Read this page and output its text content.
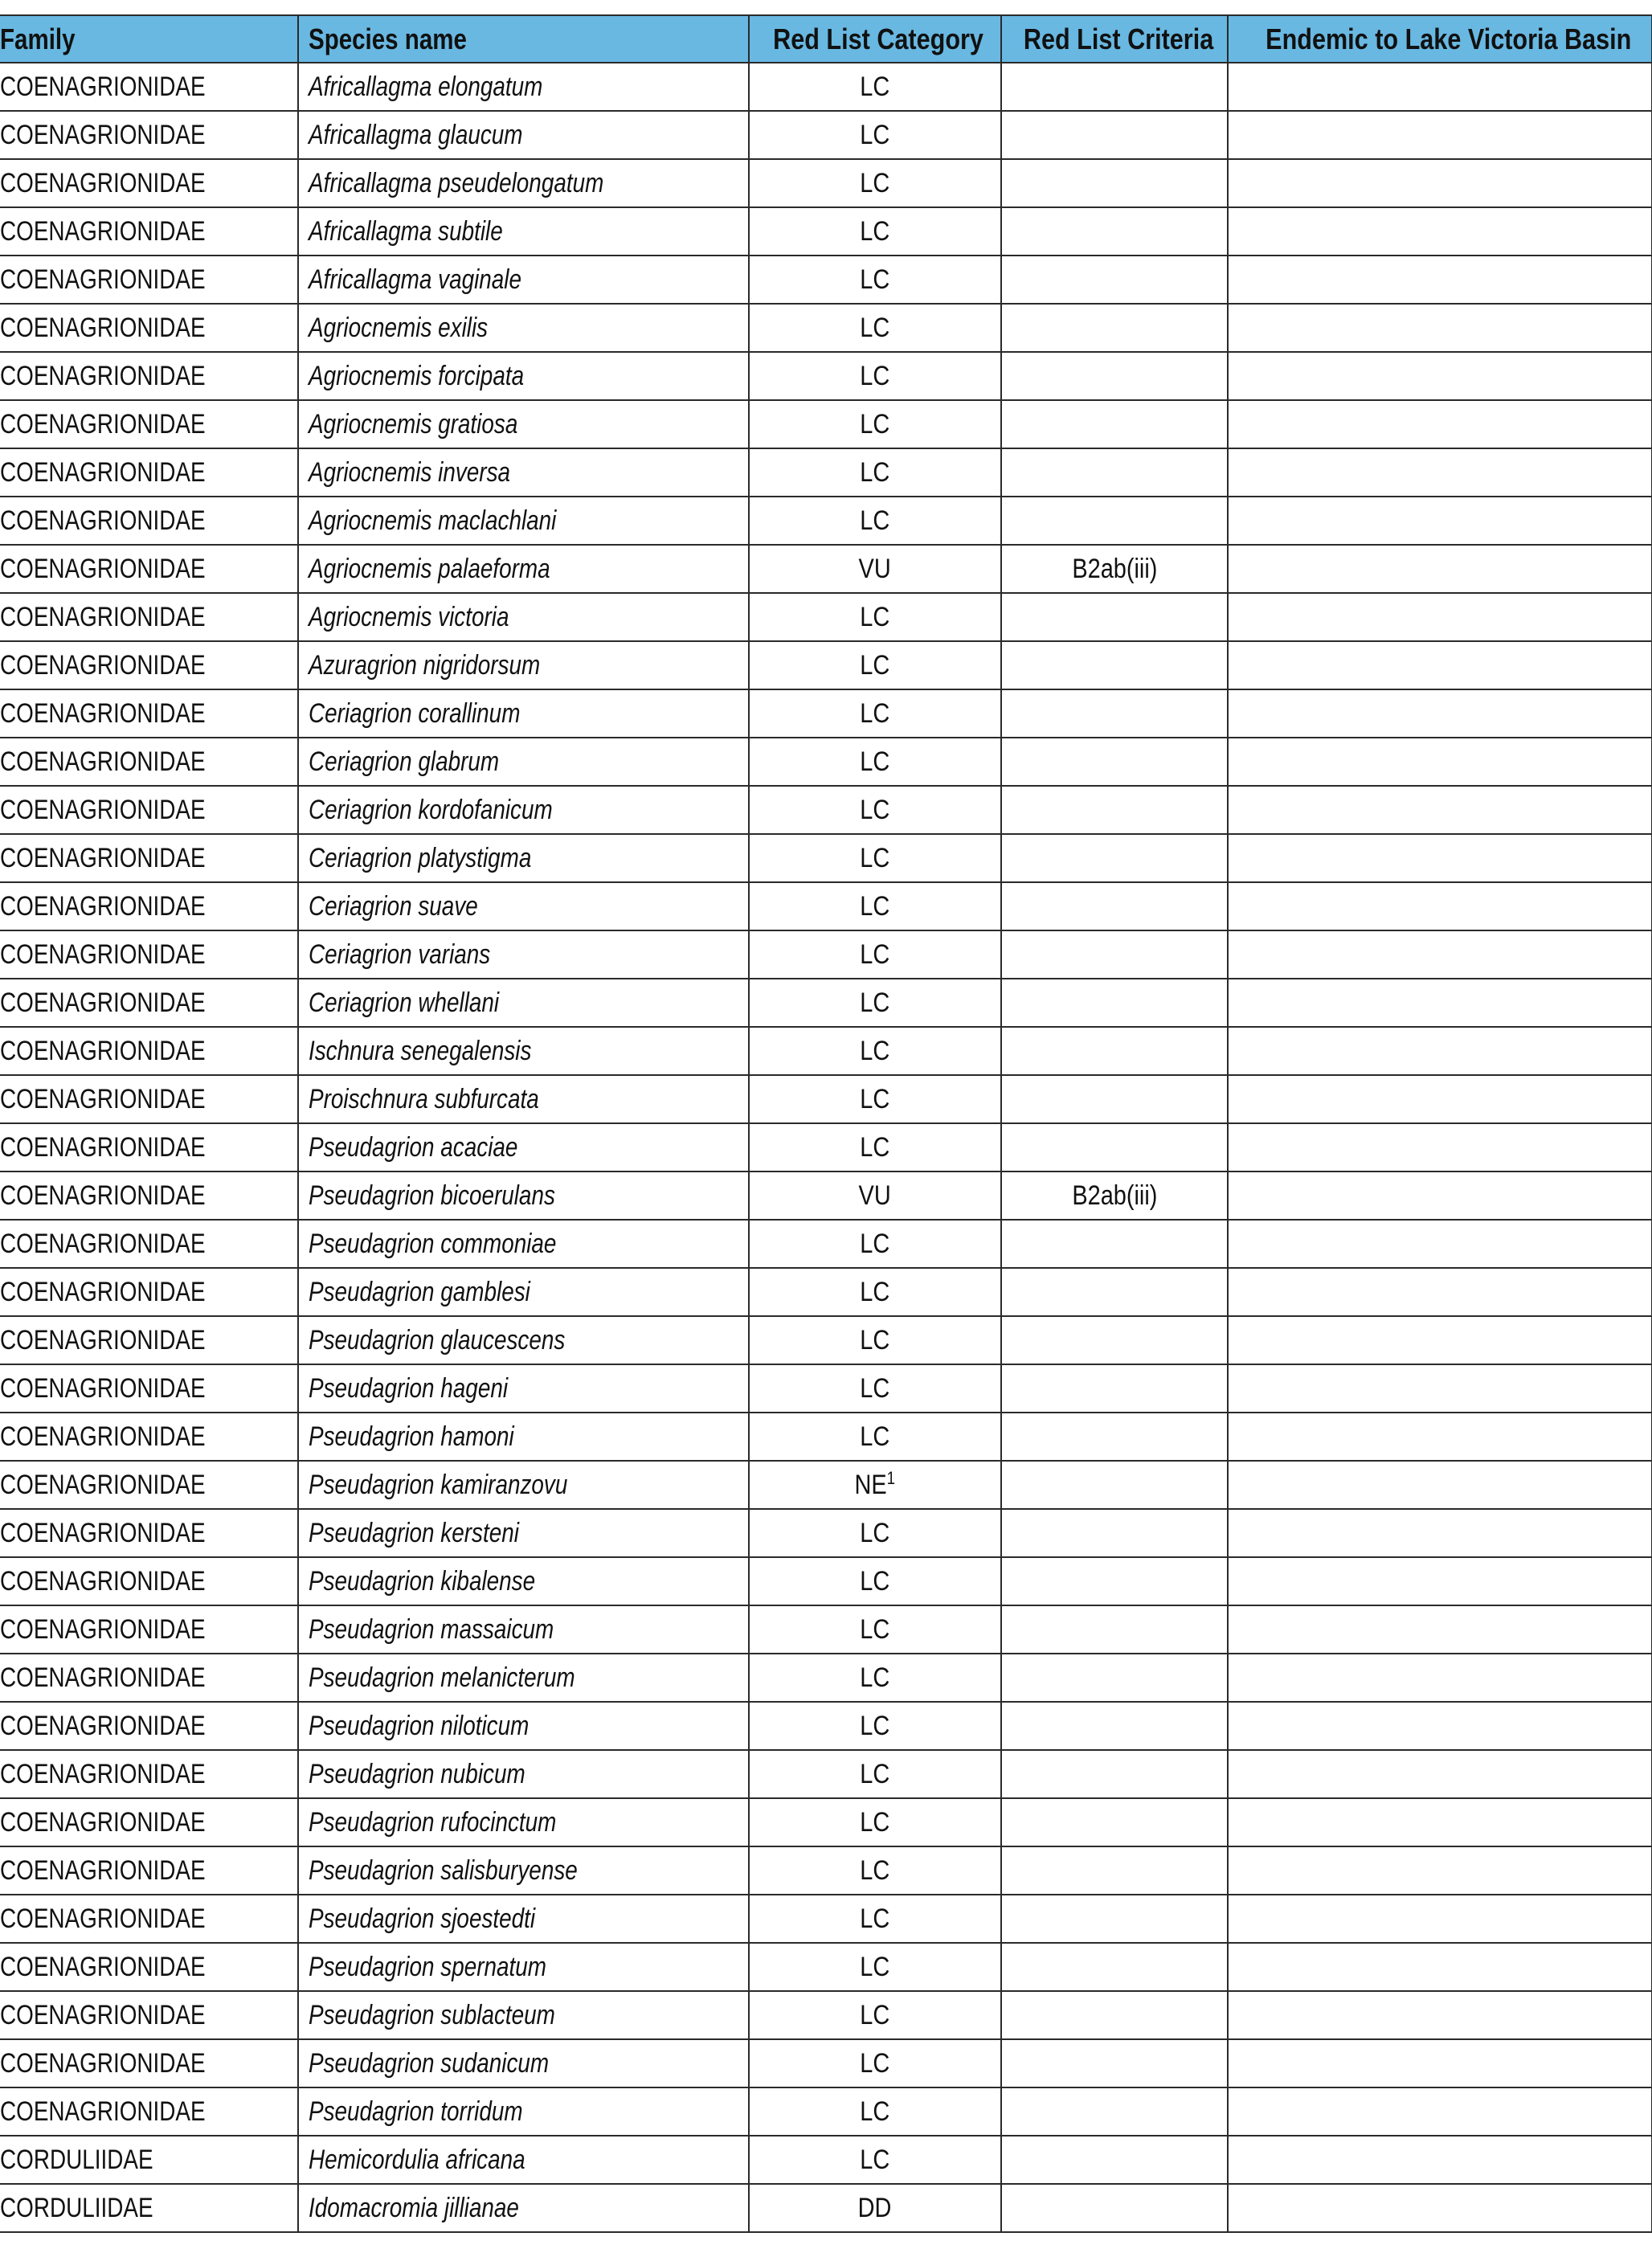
Family	Species name	Red List Category	Red List Criteria	Endemic to Lake Victoria Basin
COENAGRIONIDAE	Africallagma elongatum	LC		
COENAGRIONIDAE	Africallagma glaucum	LC		
COENAGRIONIDAE	Africallagma pseudelongatum	LC		
COENAGRIONIDAE	Africallagma subtile	LC		
COENAGRIONIDAE	Africallagma vaginale	LC		
COENAGRIONIDAE	Agriocnemis exilis	LC		
COENAGRIONIDAE	Agriocnemis forcipata	LC		
COENAGRIONIDAE	Agriocnemis gratiosa	LC		
COENAGRIONIDAE	Agriocnemis inversa	LC		
COENAGRIONIDAE	Agriocnemis maclachlani	LC		
COENAGRIONIDAE	Agriocnemis palaeforma	VU	B2ab(iii)	
COENAGRIONIDAE	Agriocnemis victoria	LC		
COENAGRIONIDAE	Azuragrion nigridorsum	LC		
COENAGRIONIDAE	Ceriagrion corallinum	LC		
COENAGRIONIDAE	Ceriagrion glabrum	LC		
COENAGRIONIDAE	Ceriagrion kordofanicum	LC		
COENAGRIONIDAE	Ceriagrion platystigma	LC		
COENAGRIONIDAE	Ceriagrion suave	LC		
COENAGRIONIDAE	Ceriagrion varians	LC		
COENAGRIONIDAE	Ceriagrion whellani	LC		
COENAGRIONIDAE	Ischnura senegalensis	LC		
COENAGRIONIDAE	Proischnura subfurcata	LC		
COENAGRIONIDAE	Pseudagrion acaciae	LC		
COENAGRIONIDAE	Pseudagrion bicoerulans	VU	B2ab(iii)	
COENAGRIONIDAE	Pseudagrion commoniae	LC		
COENAGRIONIDAE	Pseudagrion gamblesi	LC		
COENAGRIONIDAE	Pseudagrion glaucescens	LC		
COENAGRIONIDAE	Pseudagrion hageni	LC		
COENAGRIONIDAE	Pseudagrion hamoni	LC		
COENAGRIONIDAE	Pseudagrion kamiranzovu	NE$^1$		
COENAGRIONIDAE	Pseudagrion kersteni	LC		
COENAGRIONIDAE	Pseudagrion kibalense	LC		
COENAGRIONIDAE	Pseudagrion massaicum	LC		
COENAGRIONIDAE	Pseudagrion melanicterum	LC		
COENAGRIONIDAE	Pseudagrion niloticum	LC		
COENAGRIONIDAE	Pseudagrion nubicum	LC		
COENAGRIONIDAE	Pseudagrion rufocinctum	LC		
COENAGRIONIDAE	Pseudagrion salisburyense	LC		
COENAGRIONIDAE	Pseudagrion sjoestedti	LC		
COENAGRIONIDAE	Pseudagrion spernatum	LC		
COENAGRIONIDAE	Pseudagrion sublacteum	LC		
COENAGRIONIDAE	Pseudagrion sudanicum	LC		
COENAGRIONIDAE	Pseudagrion torridum	LC		
CORDULIIDAE	Hemicordulia africana	LC		
CORDULIIDAE	Idomacromia jillianae	DD		
